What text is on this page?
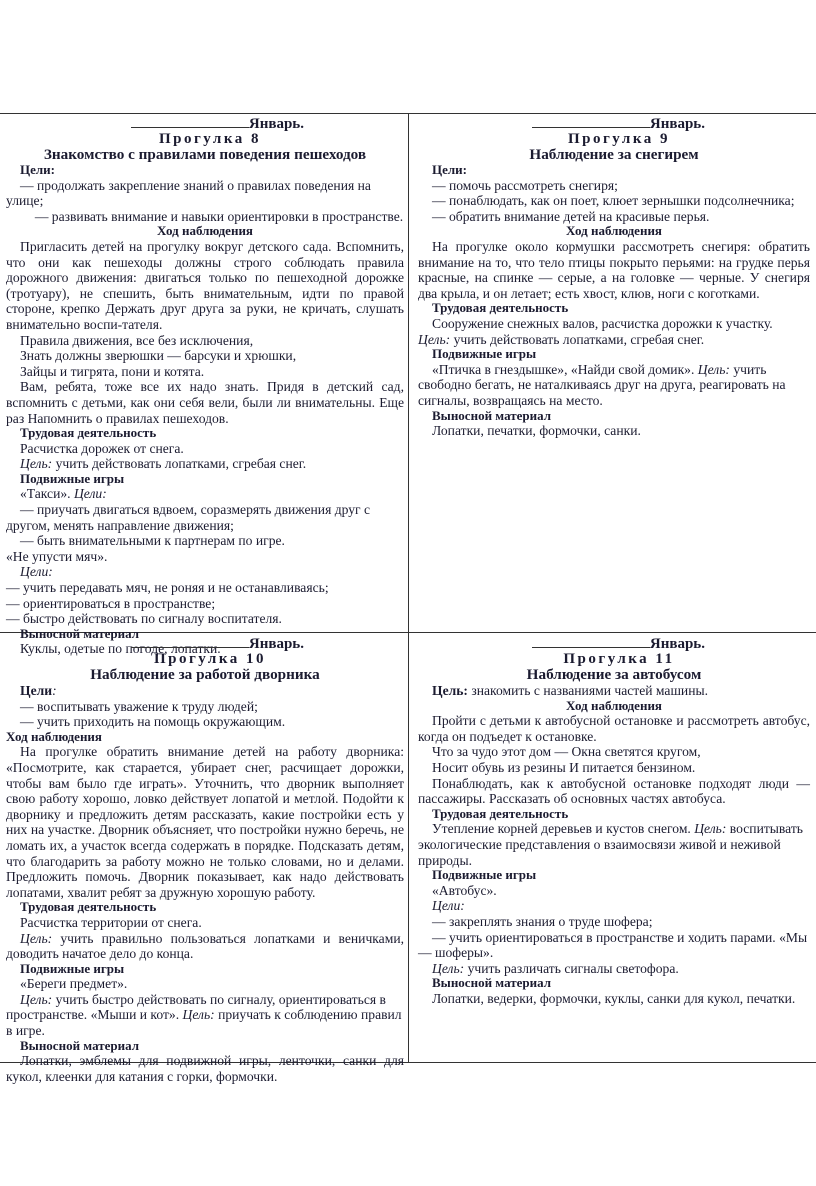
Январь.
Прогулка 8
Знакомство с правилами поведения пешеходов

Цели:

— продолжать закрепление знаний о правилах поведения на улице;

— развивать внимание и навыки ориентировки в пространстве.

Ход наблюдения

Пригласить детей на прогулку вокруг детского сада. Вспомнить, что они как пешеходы должны строго соблюдать правила дорожного движения: двигаться только по пешеходной дорожке (тротуару), не спешить, быть внимательным, идти по правой стороне, крепко Держать друг друга за руки, не кричать, слушать внимательно воспи-тателя.

Правила движения, все без исключения,

Знать должны зверюшки — барсуки и хрюшки,

Зайцы и тигрята, пони и котята.

Вам, ребята, тоже все их надо знать. Придя в детский сад, вспомнить с детьми, как они себя вели, были ли внимательны. Еще раз Напомнить о правилах пешеходов.

Трудовая деятельность

Расчистка дорожек от снега.

Цель: учить действовать лопатками, сгребая снег.

Подвижные игры

«Такси». Цели:

— приучать двигаться вдвоем, соразмерять движения друг с другом, менять направление движения;

— быть внимательными к партнерам по игре.

«Не упусти мяч».

Цели:

— учить передавать мяч, не роняя и не останавливаясь;

— ориентироваться в пространстве;

— быстро действовать по сигналу воспитателя.

Выносной материал

Куклы, одетые по погоде, лопатки.

Январь.
Прогулка 9
Наблюдение за снегирем

Цели:

— помочь рассмотреть снегиря;

— понаблюдать, как он поет, клюет зернышки подсолнечника;

— обратить внимание детей на красивые перья.

Ход наблюдения

На прогулке около кормушки рассмотреть снегиря: обратить внимание на то, что тело птицы покрыто перьями: на грудке перья красные, на спинке — серые, а на головке — черные. У снегиря два крыла, и он летает; есть хвост, клюв, ноги с коготками.

Трудовая деятельность

Сооружение снежных валов, расчистка дорожки к участку.

Цель: учить действовать лопатками, сгребая снег.

Подвижные игры

«Птичка в гнездышке», «Найди свой домик». Цель: учить свободно бегать, не наталкиваясь друг на друга, реагировать на сигналы, возвращаясь на место.

Выносной материал

Лопатки, печатки, формочки, санки.

Январь.
Прогулка 10
Наблюдение за работой дворника

Цели:

— воспитывать уважение к труду людей;

— учить приходить на помощь окружающим.

Ход наблюдения

На прогулке обратить внимание детей на работу дворника: «Посмотрите, как старается, убирает снег, расчищает дорожки, чтобы вам было где играть». Уточнить, что дворник выполняет свою работу хорошо, ловко действует лопатой и метлой. Подойти к дворнику и предложить детям рассказать, какие постройки есть у них на участке. Дворник объясняет, что постройки нужно беречь, не ломать их, а участок всегда содержать в порядке. Подсказать детям, что благодарить за работу можно не только словами, но и делами. Предложить помочь. Дворник показывает, как надо действовать лопатами, хвалит ребят за дружную хорошую работу.

Трудовая деятельность

Расчистка территории от снега.

Цель: учить правильно пользоваться лопатками и веничками, доводить начатое дело до конца.

Подвижные игры

«Береги предмет».

Цель: учить быстро действовать по сигналу, ориентироваться в пространстве. «Мыши и кот». Цель: приучать к соблюдению правил в игре.

Выносной материал

Лопатки, эмблемы для подвижной игры, ленточки, санки для кукол, клеенки для катания с горки, формочки.

Январь.
Прогулка 11
Наблюдение за автобусом

Цель: знакомить с названиями частей машины.

Ход наблюдения

Пройти с детьми к автобусной остановке и рассмотреть автобус, когда он подъедет к остановке.

Что за чудо этот дом — Окна светятся кругом,

Носит обувь из резины И питается бензином.

Понаблюдать, как к автобусной остановке подходят люди — пассажиры. Рассказать об основных частях автобуса.

Трудовая деятельность

Утепление корней деревьев и кустов снегом. Цель: воспитывать экологические представления о взаимосвязи живой и неживой природы.

Подвижные игры

«Автобус».

Цели:

— закреплять знания о труде шофера;

— учить ориентироваться в пространстве и ходить парами. «Мы — шоферы».

Цель: учить различать сигналы светофора.

Выносной материал

Лопатки, ведерки, формочки, куклы, санки для кукол, печатки.
